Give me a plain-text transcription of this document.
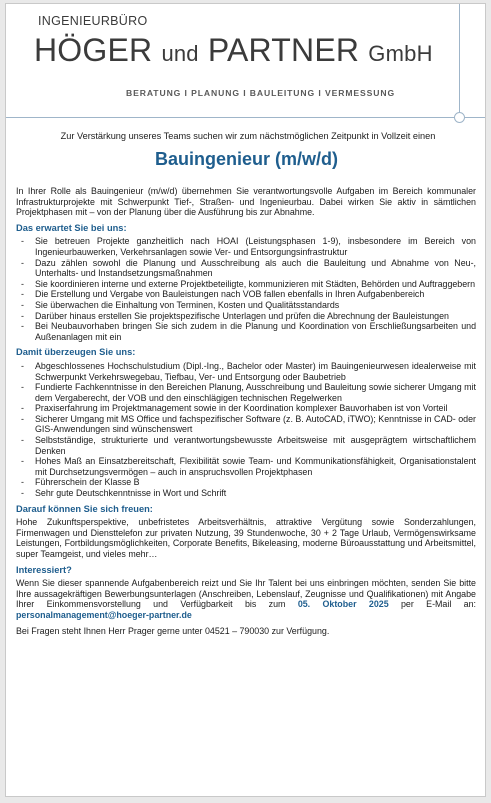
INGENIEURBÜRO
HÖGER und PARTNER GmbH
BERATUNG I PLANUNG I BAULEITUNG I VERMESSUNG
Zur Verstärkung unseres Teams suchen wir zum nächstmöglichen Zeitpunkt in Vollzeit einen
Bauingenieur (m/w/d)

In Ihrer Rolle als Bauingenieur (m/w/d) übernehmen Sie verantwortungsvolle Aufgaben im Bereich kommunaler Infrastrukturprojekte mit Schwerpunkt Tief-, Straßen- und Ingenieurbau. Dabei wirken Sie aktiv in sämtlichen Projektphasen mit – von der Planung über die Ausführung bis zur Abnahme.

Das erwartet Sie bei uns:
- Sie betreuen Projekte ganzheitlich nach HOAI (Leistungsphasen 1-9), insbesondere im Bereich von Ingenieurbauwerken, Verkehrsanlagen sowie Ver- und Entsorgungsinfrastruktur
- Dazu zählen sowohl die Planung und Ausschreibung als auch die Bauleitung und Abnahme von Neu-, Unterhalts- und Instandsetzungsmaßnahmen
- Sie koordinieren interne und externe Projektbeteiligte, kommunizieren mit Städten, Behörden und Auftraggebern
- Die Erstellung und Vergabe von Bauleistungen nach VOB fallen ebenfalls in Ihren Aufgabenbereich
- Sie überwachen die Einhaltung von Terminen, Kosten und Qualitätsstandards
- Darüber hinaus erstellen Sie projektspezifische Unterlagen und prüfen die Abrechnung der Bauleistungen
- Bei Neubauvorhaben bringen Sie sich zudem in die Planung und Koordination von Erschließungsarbeiten und Außenanlagen mit ein
Damit überzeugen Sie uns:
- Abgeschlossenes Hochschulstudium (Dipl.-Ing., Bachelor oder Master) im Bauingenieurwesen idealerweise mit Schwerpunkt Verkehrswegebau, Tiefbau, Ver- und Entsorgung oder Baubetrieb
- Fundierte Fachkenntnisse in den Bereichen Planung, Ausschreibung und Bauleitung sowie sicherer Umgang mit dem Vergaberecht, der VOB und den einschlägigen technischen Regelwerken
- Praxiserfahrung im Projektmanagement sowie in der Koordination komplexer Bauvorhaben ist von Vorteil
- Sicherer Umgang mit MS Office und fachspezifischer Software (z. B. AutoCAD, iTWO); Kenntnisse in CAD- oder GIS-Anwendungen sind wünschenswert
- Selbstständige, strukturierte und verantwortungsbewusste Arbeitsweise mit ausgeprägtem wirtschaftlichem Denken
- Hohes Maß an Einsatzbereitschaft, Flexibilität sowie Team- und Kommunikationsfähigkeit, Organisationstalent mit Durchsetzungsvermögen – auch in anspruchsvollen Projektphasen
- Führerschein der Klasse B
- Sehr gute Deutschkenntnisse in Wort und Schrift
Darauf können Sie sich freuen:

Hohe Zukunftsperspektive, unbefristetes Arbeitsverhältnis, attraktive Vergütung sowie Sonderzahlungen, Firmenwagen und Diensttelefon zur privaten Nutzung, 39 Stundenwoche, 30 + 2 Tage Urlaub, Vermögenswirksame Leistungen, Fortbildungsmöglichkeiten, Corporate Benefits, Bikeleasing, moderne Büroausstattung und Arbeitsmittel, super Teamgeist, und vieles mehr…

Interessiert?

Wenn Sie dieser spannende Aufgabenbereich reizt und Sie Ihr Talent bei uns einbringen möchten, senden Sie bitte Ihre aussagekräftigen Bewerbungsunterlagen (Anschreiben, Lebenslauf, Zeugnisse und Qualifikationen) mit Angabe Ihrer Einkommensvorstellung und Verfügbarkeit bis zum 05. Oktober 2025 per E-Mail an: personalmanagement@hoeger-partner.de

Bei Fragen steht Ihnen Herr Prager gerne unter 04521 – 790030 zur Verfügung.
